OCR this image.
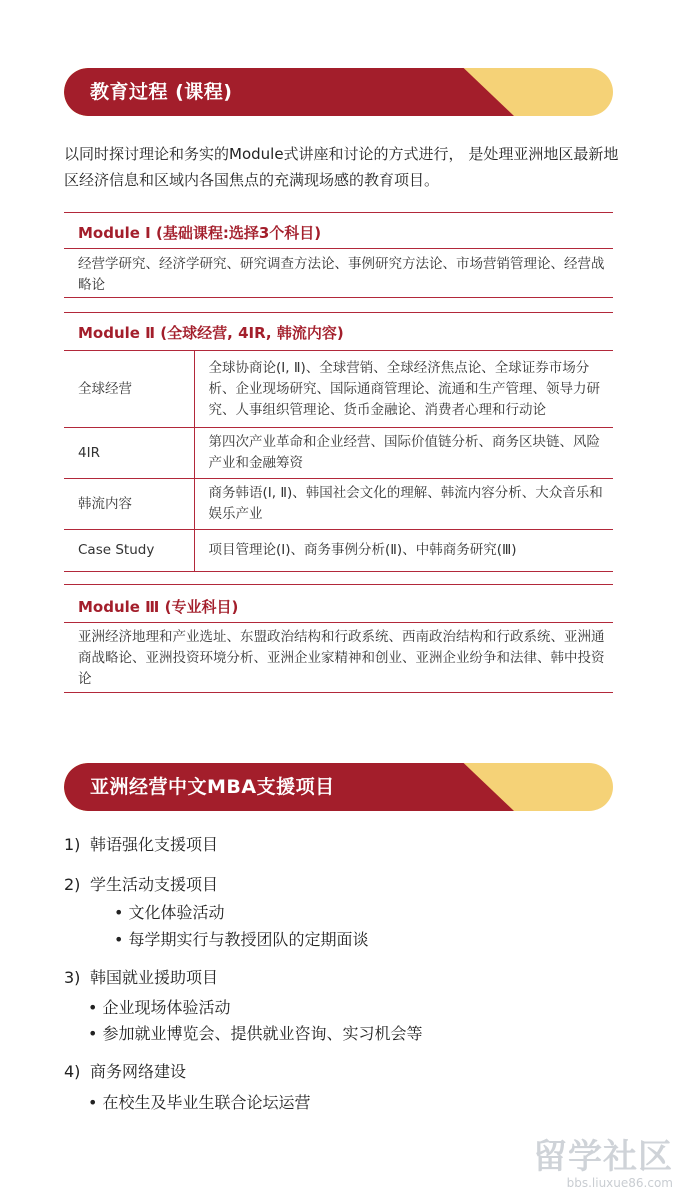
教育过程 (课程)
以同时探讨理论和务实的Module式讲座和讨论的方式进行， 是处理亚洲地区最新地区经济信息和区域内各国焦点的充满现场感的教育项目。
Module Ⅰ (基础课程:选择3个科目)
经营学研究、经济学研究、研究调查方法论、事例研究方法论、市场营销管理论、经营战略论
Module Ⅱ (全球经营, 4IR, 韩流内容)
全球经营	全球协商论(Ⅰ, Ⅱ)、全球营销、全球经济焦点论、全球证券市场分析、企业现场研究、国际通商管理论、流通和生产管理、领导力研究、人事组织管理论、货币金融论、消费者心理和行动论
4IR	第四次产业革命和企业经营、国际价值链分析、商务区块链、风险产业和金融筹资
韩流内容	商务韩语(Ⅰ, Ⅱ)、韩国社会文化的理解、韩流内容分析、大众音乐和娱乐产业
Case Study	项目管理论(Ⅰ)、商务事例分析(Ⅱ)、中韩商务研究(Ⅲ)
Module Ⅲ (专业科目)
亚洲经济地理和产业选址、东盟政治结构和行政系统、西南政治结构和行政系统、亚洲通商战略论、亚洲投资环境分析、亚洲企业家精神和创业、亚洲企业纷争和法律、韩中投资论
亚洲经营中文MBA支援项目
1) 韩语强化支援项目
2) 学生活动支援项目
• 文化体验活动
• 每学期实行与教授团队的定期面谈
3) 韩国就业援助项目
• 企业现场体验活动
• 参加就业博览会、提供就业咨询、实习机会等
4) 商务网络建设
• 在校生及毕业生联合论坛运营
留学社区
bbs.liuxue86.com
